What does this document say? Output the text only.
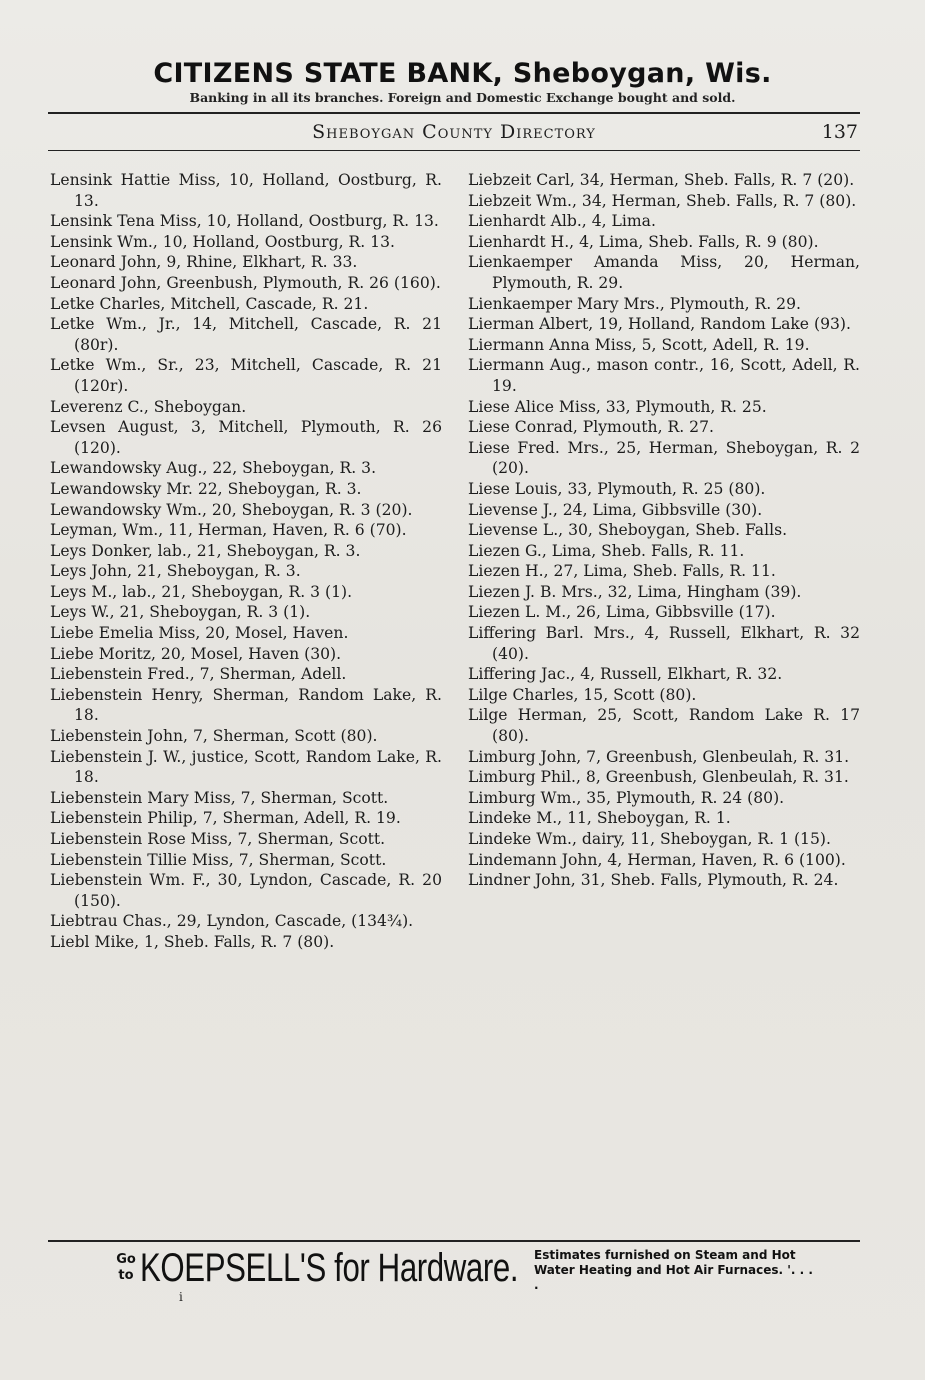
CITIZENS STATE BANK, Sheboygan, Wis.
Banking in all its branches. Foreign and Domestic Exchange bought and sold.
Sheboygan County Directory	137

Lensink Hattie Miss, 10, Holland, Oostburg, R. 13.

Lensink Tena Miss, 10, Holland, Oostburg, R. 13.

Lensink Wm., 10, Holland, Oostburg, R. 13.

Leonard John, 9, Rhine, Elkhart, R. 33.

Leonard John, Greenbush, Plymouth, R. 26 (160).

Letke Charles, Mitchell, Cascade, R. 21.

Letke Wm., Jr., 14, Mitchell, Cascade, R. 21 (80r).

Letke Wm., Sr., 23, Mitchell, Cascade, R. 21 (120r).

Leverenz C., Sheboygan.

Levsen August, 3, Mitchell, Plymouth, R. 26 (120).

Lewandowsky Aug., 22, Sheboygan, R. 3.

Lewandowsky Mr. 22, Sheboygan, R. 3.

Lewandowsky Wm., 20, Sheboygan, R. 3 (20).

Leyman, Wm., 11, Herman, Haven, R. 6 (70).

Leys Donker, lab., 21, Sheboygan, R. 3.

Leys John, 21, Sheboygan, R. 3.

Leys M., lab., 21, Sheboygan, R. 3 (1).

Leys W., 21, Sheboygan, R. 3 (1).

Liebe Emelia Miss, 20, Mosel, Haven.

Liebe Moritz, 20, Mosel, Haven (30).

Liebenstein Fred., 7, Sherman, Adell.

Liebenstein Henry, Sherman, Random Lake, R. 18.

Liebenstein John, 7, Sherman, Scott (80).

Liebenstein J. W., justice, Scott, Random Lake, R. 18.

Liebenstein Mary Miss, 7, Sherman, Scott.

Liebenstein Philip, 7, Sherman, Adell, R. 19.

Liebenstein Rose Miss, 7, Sherman, Scott.

Liebenstein Tillie Miss, 7, Sherman, Scott.

Liebenstein Wm. F., 30, Lyndon, Cascade, R. 20 (150).

Liebtrau Chas., 29, Lyndon, Cascade, (134¾).

Liebl Mike, 1, Sheb. Falls, R. 7 (80).

Liebzeit Carl, 34, Herman, Sheb. Falls, R. 7 (20).

Liebzeit Wm., 34, Herman, Sheb. Falls, R. 7 (80).

Lienhardt Alb., 4, Lima.

Lienhardt H., 4, Lima, Sheb. Falls, R. 9 (80).

Lienkaemper Amanda Miss, 20, Herman, Plymouth, R. 29.

Lienkaemper Mary Mrs., Plymouth, R. 29.

Lierman Albert, 19, Holland, Random Lake (93).

Liermann Anna Miss, 5, Scott, Adell, R. 19.

Liermann Aug., mason contr., 16, Scott, Adell, R. 19.

Liese Alice Miss, 33, Plymouth, R. 25.

Liese Conrad, Plymouth, R. 27.

Liese Fred. Mrs., 25, Herman, Sheboygan, R. 2 (20).

Liese Louis, 33, Plymouth, R. 25 (80).

Lievense J., 24, Lima, Gibbsville (30).

Lievense L., 30, Sheboygan, Sheb. Falls.

Liezen G., Lima, Sheb. Falls, R. 11.

Liezen H., 27, Lima, Sheb. Falls, R. 11.

Liezen J. B. Mrs., 32, Lima, Hingham (39).

Liezen L. M., 26, Lima, Gibbsville (17).

Liffering Barl. Mrs., 4, Russell, Elkhart, R. 32 (40).

Liffering Jac., 4, Russell, Elkhart, R. 32.

Lilge Charles, 15, Scott (80).

Lilge Herman, 25, Scott, Random Lake R. 17 (80).

Limburg John, 7, Greenbush, Glenbeulah, R. 31.

Limburg Phil., 8, Greenbush, Glenbeulah, R. 31.

Limburg Wm., 35, Plymouth, R. 24 (80).

Lindeke M., 11, Sheboygan, R. 1.

Lindeke Wm., dairy, 11, Sheboygan, R. 1 (15).

Lindemann John, 4, Herman, Haven, R. 6 (100).

Lindner John, 31, Sheb. Falls, Plymouth, R. 24.

Go to KOEPSELL'S for Hardware. Estimates furnished on Steam and Hot Water Heating and Hot Air Furnaces. '. . . .
i
